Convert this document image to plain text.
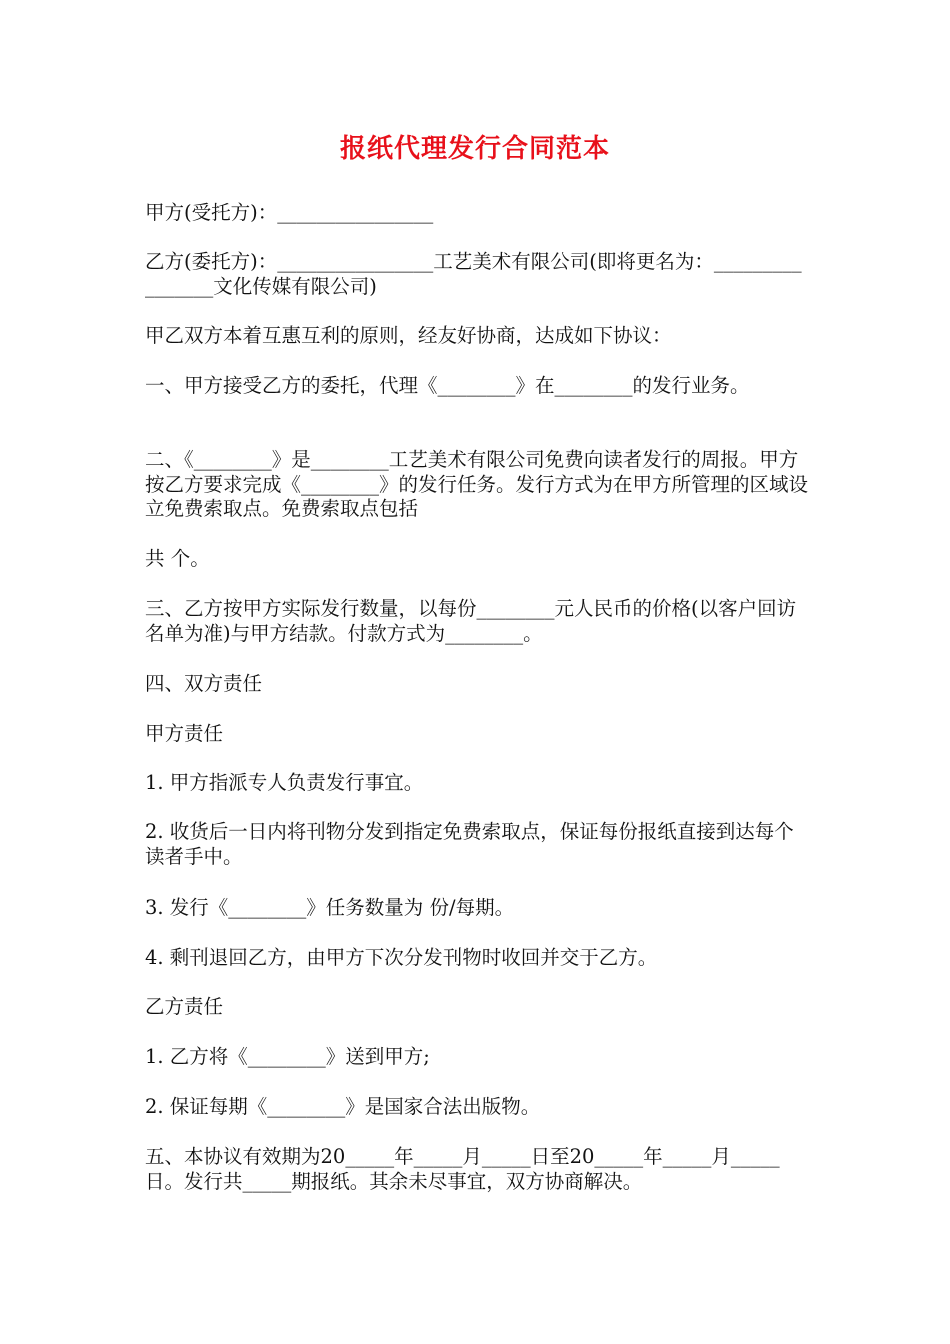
报纸代理发行合同范本
甲方(受托方)：________________
乙方(委托方)：________________工艺美术有限公司(即将更名为：________________文化传媒有限公司)
甲乙双方本着互惠互利的原则，经友好协商，达成如下协议：
一、甲方接受乙方的委托，代理《________》在________的发行业务。
二、《________》是________工艺美术有限公司免费向读者发行的周报。甲方按乙方要求完成《________》的发行任务。发行方式为在甲方所管理的区域设立免费索取点。免费索取点包括
共 个。
三、乙方按甲方实际发行数量，以每份________元人民币的价格(以客户回访名单为准)与甲方结款。付款方式为________。
四、双方责任
甲方责任
1. 甲方指派专人负责发行事宜。
2. 收货后一日内将刊物分发到指定免费索取点，保证每份报纸直接到达每个读者手中。
3. 发行《________》任务数量为 份/每期。
4. 剩刊退回乙方，由甲方下次分发刊物时收回并交于乙方。
乙方责任
1. 乙方将《________》送到甲方;
2. 保证每期《________》是国家合法出版物。
五、本协议有效期为20_____年_____月_____日至20_____年_____月_____日。发行共_____期报纸。其余未尽事宜，双方协商解决。
